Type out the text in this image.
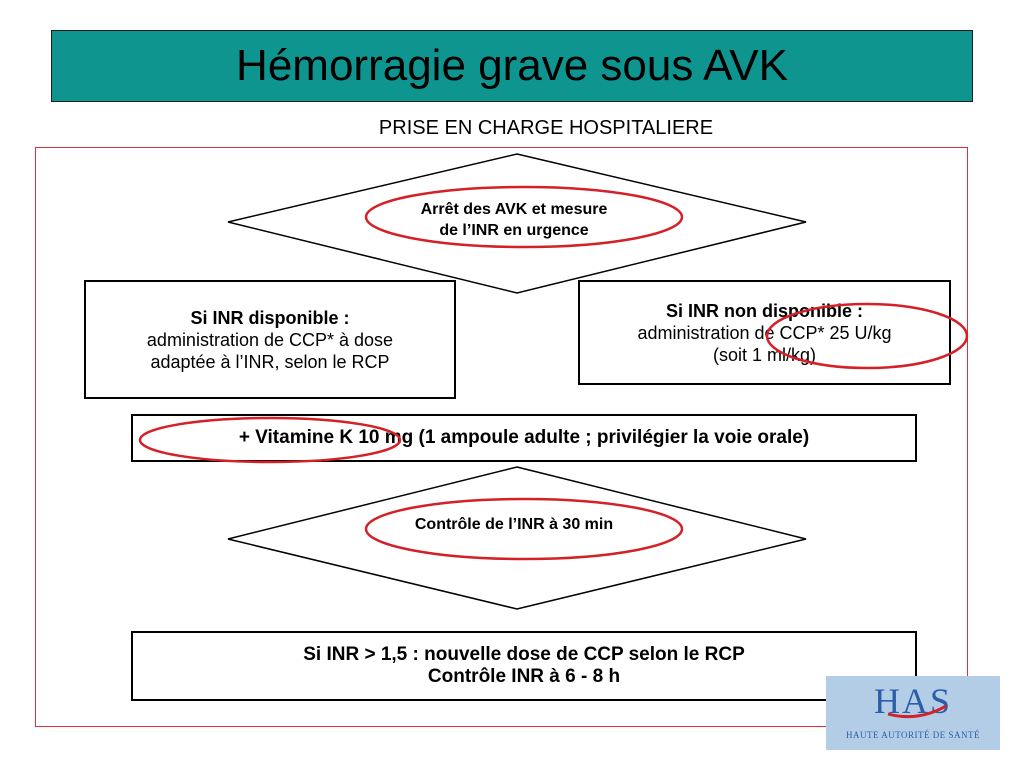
Hémorragie grave sous AVK
PRISE EN CHARGE HOSPITALIERE
Arrêt des AVK et mesure
de l’INR en urgence
Si INR disponible :
administration de CCP* à dose
adaptée à l’INR, selon le RCP
Si INR non disponible :
administration de CCP* 25 U/kg
(soit 1 ml/kg)
+ Vitamine K 10 mg (1 ampoule adulte ; privilégier la voie orale)
Contrôle de l’INR à 30 min
Si INR > 1,5 : nouvelle dose de CCP selon le RCP
Contrôle INR à 6 - 8 h
HAS
HAUTE AUTORITÉ DE SANTÉ
